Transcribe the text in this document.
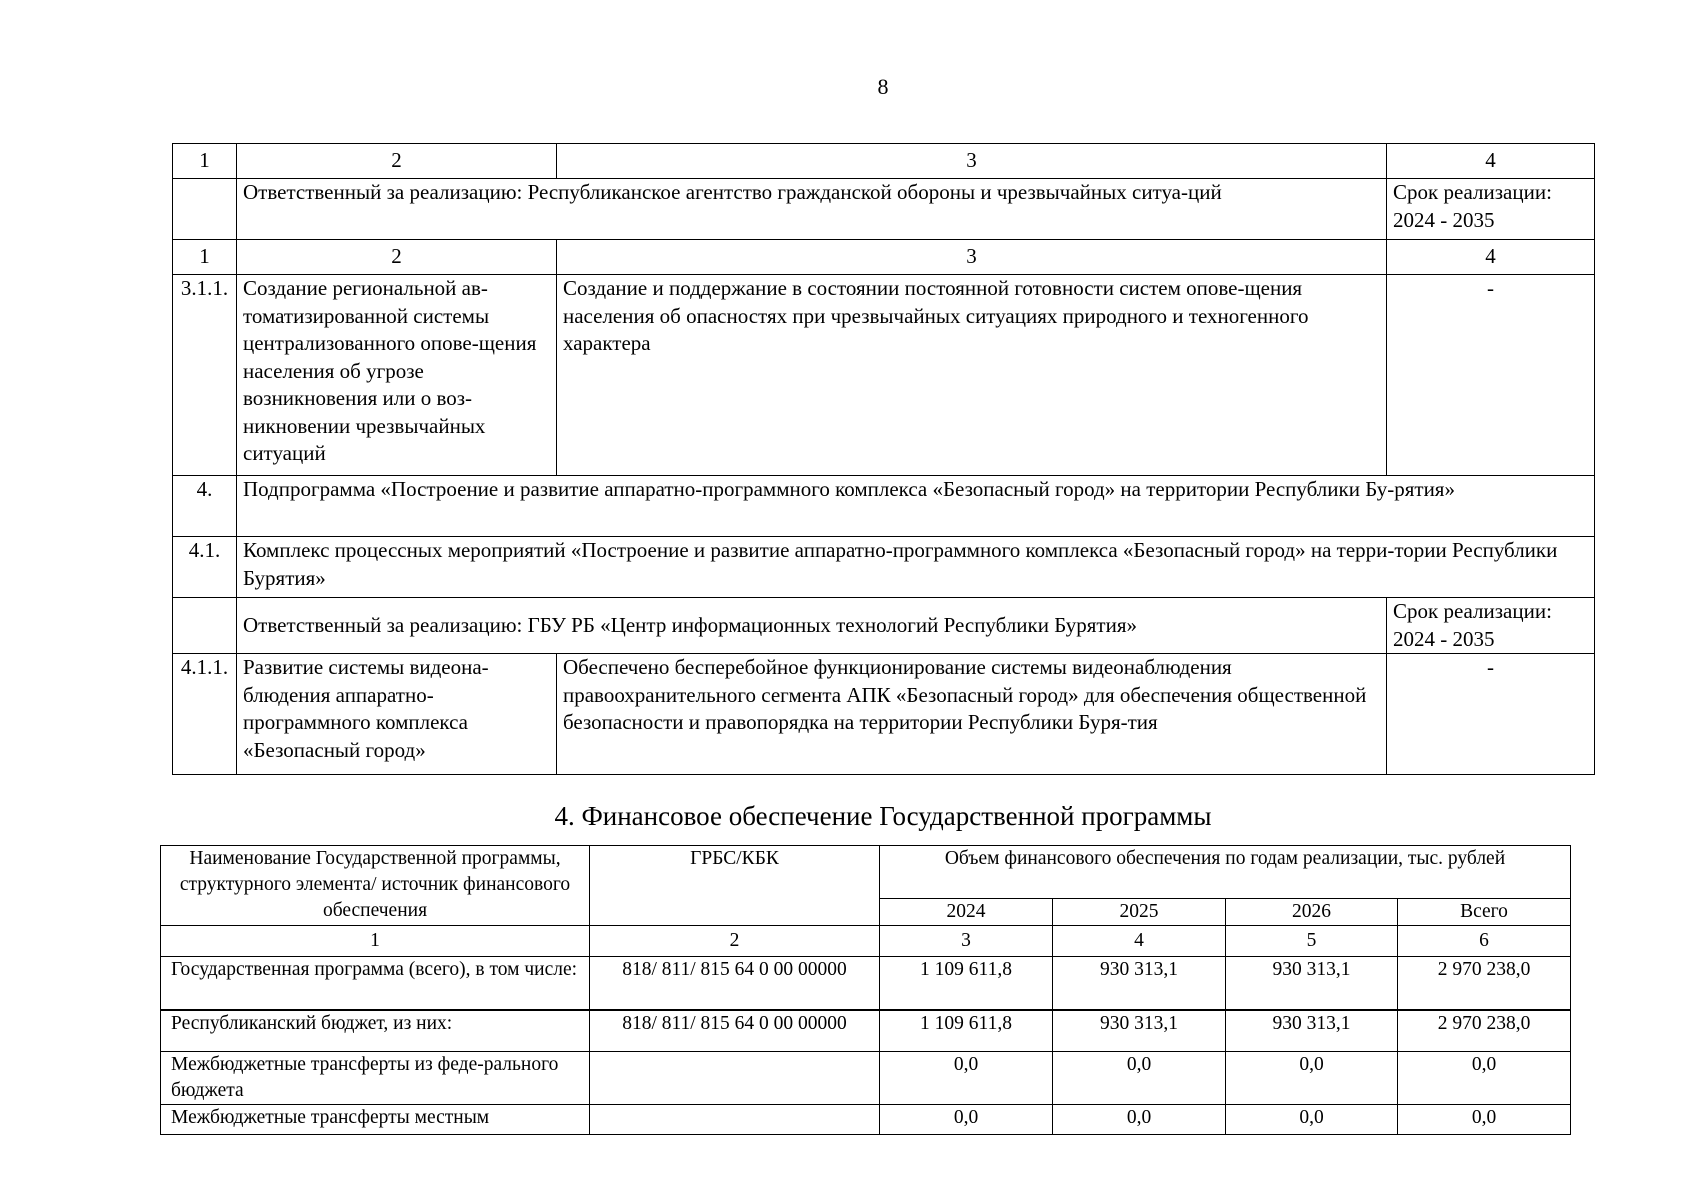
8
1	2	3	4
	Ответственный за реализацию: Республиканское агентство гражданской обороны и чрезвычайных ситуа-ций		Срок реализации: 2024 - 2035
1	2	3	4
3.1.1.	Создание региональной ав-томатизированной системы централизованного опове-щения населения об угрозе возникновения или о воз-никновении чрезвычайных ситуаций	Создание и поддержание в состоянии постоянной готовности систем опове-щения населения об опасностях при чрезвычайных ситуациях природного и техногенного характера	-
4.	Подпрограмма «Построение и развитие аппаратно-программного комплекса «Безопасный город» на территории Республики Бу-рятия»		
4.1.	Комплекс процессных мероприятий «Построение и развитие аппаратно-программного комплекса «Безопасный город» на терри-тории Республики Бурятия»		
	Ответственный за реализацию: ГБУ РБ «Центр информационных технологий Республики Бурятия»		Срок реализации: 2024 - 2035
4.1.1.	Развитие системы видеона-блюдения аппаратно-программного комплекса «Безопасный город»	Обеспечено бесперебойное функционирование системы видеонаблюдения правоохранительного сегмента АПК «Безопасный город» для обеспечения общественной безопасности и правопорядка на территории Республики Буря-тия	-
4. Финансовое обеспечение Государственной программы
Наименование Государственной программы, структурного элемента/ источник финансового обеспечения	ГРБС/КБК	Объем финансового обеспечения по годам реализации, тыс. рублей			
		2024	2025	2026	Всего
1	2	3	4	5	6
Государственная программа (всего), в том числе:	818/ 811/ 815 64 0 00 00000	1 109 611,8	930 313,1	930 313,1	2 970 238,0
Республиканский бюджет, из них:	818/ 811/ 815 64 0 00 00000	1 109 611,8	930 313,1	930 313,1	2 970 238,0
Межбюджетные трансферты из феде-рального бюджета		0,0	0,0	0,0	0,0
Межбюджетные трансферты местным		0,0	0,0	0,0	0,0
